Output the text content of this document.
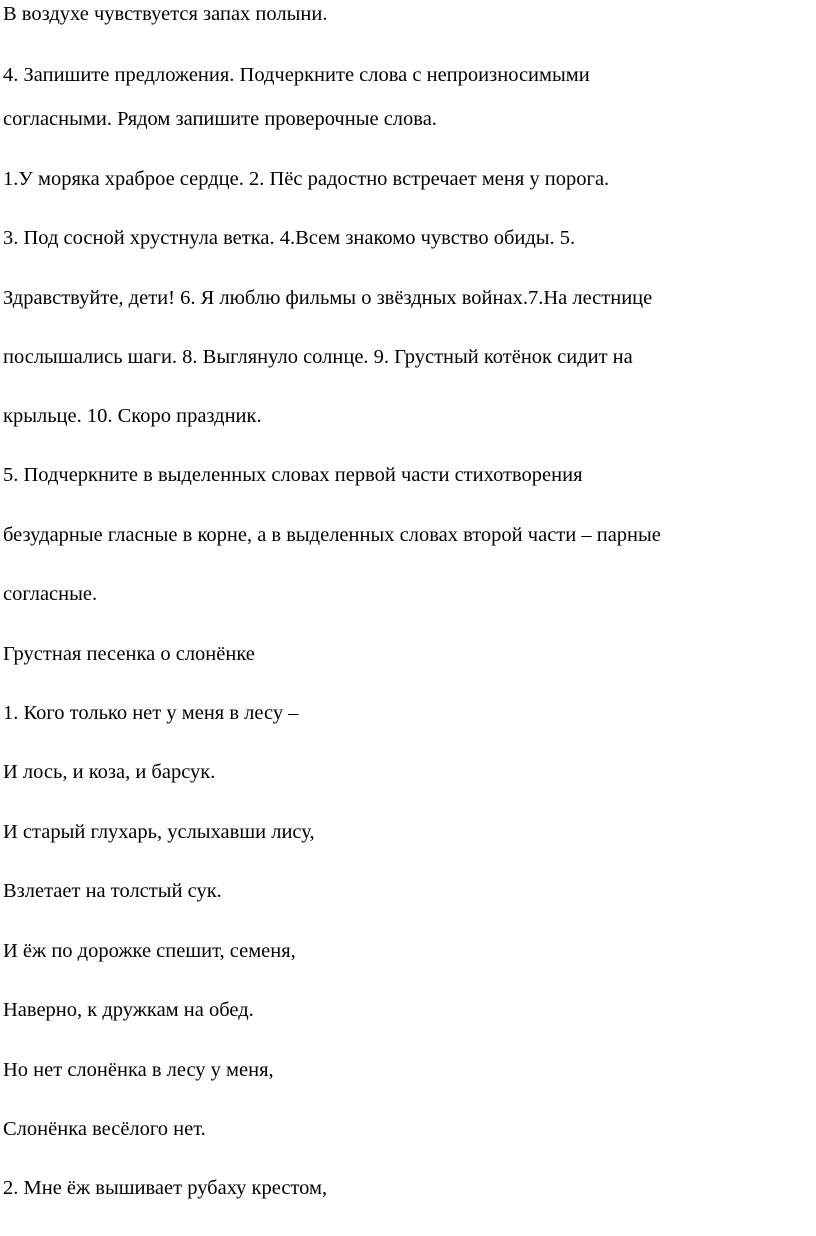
В воздухе чувствуется запах полыни.

4. Запишите предложения. Подчеркните слова с непроизносимыми

согласными. Рядом запишите проверочные слова.

1.У моряка храброе сердце. 2. Пёс радостно встречает меня у порога.

3. Под сосной хрустнула ветка. 4.Всем знакомо чувство обиды. 5.

Здравствуйте, дети! 6. Я люблю фильмы о звёздных войнах.7.На лестнице

послышались шаги. 8. Выглянуло солнце. 9. Грустный котёнок сидит на

крыльце. 10. Скоро праздник.

5. Подчеркните в выделенных словах первой части стихотворения

безударные гласные в корне, а в выделенных словах второй части – парные

согласные.

Грустная песенка о слонёнке

1. Кого только нет у меня в лесу –

И лось, и коза, и барсук.

И старый глухарь, услыхавши лису,

Взлетает на толстый сук.

И ёж по дорожке спешит, семеня,

Наверно, к дружкам на обед.

Но нет слонёнка в лесу у меня,

Слонёнка весёлого нет.

2. Мне ёж вышивает рубаху крестом,
